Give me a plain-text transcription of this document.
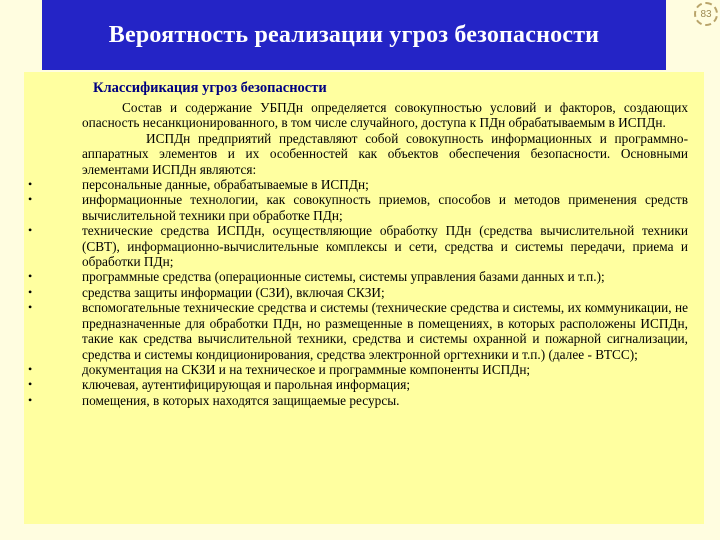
Вероятность реализации угроз безопасности
83
Классификация угроз безопасности
Состав и содержание УБПДн определяется совокупностью условий и факторов, создающих опасность несанкционированного, в том числе случайного, доступа к ПДн обрабатываемым в ИСПДн.
ИСПДн предприятий представляют собой совокупность информационных и программно-аппаратных элементов и их особенностей как объектов обеспечения безопасности. Основными элементами ИСПДн являются:
•	персональные данные, обрабатываемые в ИСПДн;
•	информационные технологии, как совокупность приемов, способов и методов применения средств вычислительной техники при обработке ПДн;
•	технические средства ИСПДн, осуществляющие обработку ПДн (средства вычислительной техники (СВТ), информационно-вычислительные комплексы и сети, средства и системы передачи, приема и обработки ПДн;
•	программные средства (операционные системы, системы управления базами данных и т.п.);
•	средства защиты информации (СЗИ), включая СКЗИ;
•	вспомогательные технические средства и системы (технические средства и системы, их коммуникации, не предназначенные для обработки ПДн, но размещенные в помещениях, в которых расположены ИСПДн, такие как средства вычислительной техники, средства и системы охранной и пожарной сигнализации, средства и системы кондиционирования, средства электронной оргтехники и т.п.) (далее - ВТСС);
•	документация на СКЗИ и на техническое и программные компоненты ИСПДн;
•	ключевая, аутентифицирующая и парольная информация;
•	помещения, в которых находятся защищаемые ресурсы.
